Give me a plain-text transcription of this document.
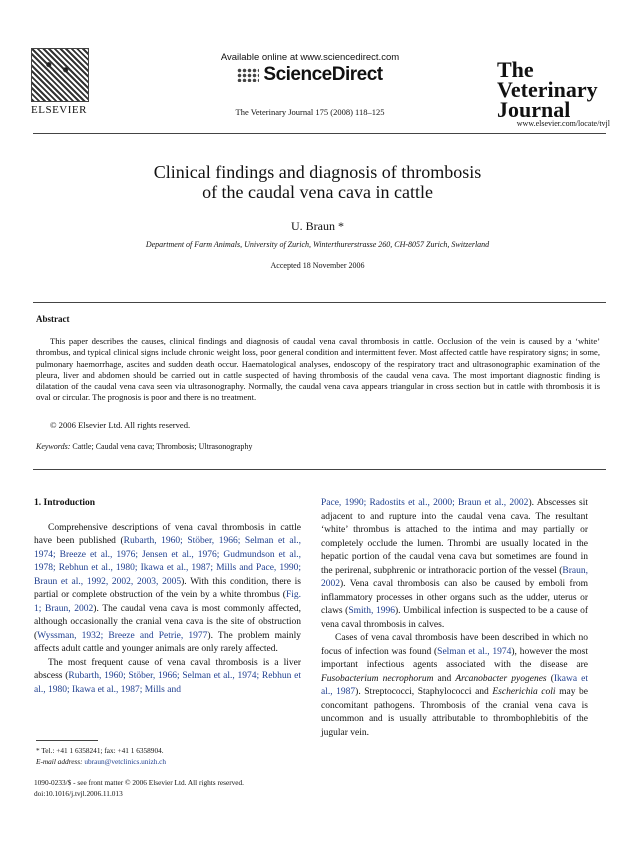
ELSEVIER
Available online at www.sciencedirect.com
ScienceDirect
The Veterinary Journal 175 (2008) 118–125
The Veterinary Journal
www.elsevier.com/locate/tvjl
Clinical findings and diagnosis of thrombosis
of the caudal vena cava in cattle
U. Braun *
Department of Farm Animals, University of Zurich, Winterthurerstrasse 260, CH-8057 Zurich, Switzerland
Accepted 18 November 2006
Abstract
This paper describes the causes, clinical findings and diagnosis of caudal vena caval thrombosis in cattle. Occlusion of the vein is caused by a ‘white’ thrombus, and typical clinical signs include chronic weight loss, poor general condition and intermittent fever. Most affected cattle have respiratory signs; in some, pulmonary haemorrhage, ascites and sudden death occur. Haematological analyses, endoscopy of the respiratory tract and ultrasonographic examination of the pleura, liver and abdomen should be carried out in cattle suspected of having thrombosis of the caudal vena cava. The most important diagnostic finding is dilatation of the caudal vena cava seen via ultrasonography. Normally, the caudal vena cava appears triangular in cross section but in cattle with thrombosis it is oval or circular. The prognosis is poor and there is no treatment.
© 2006 Elsevier Ltd. All rights reserved.
Keywords: Cattle; Caudal vena cava; Thrombosis; Ultrasonography

1. Introduction

Comprehensive descriptions of vena caval thrombosis in cattle have been published (Rubarth, 1960; Stöber, 1966; Selman et al., 1974; Breeze et al., 1976; Jensen et al., 1976; Gudmundson et al., 1978; Rebhun et al., 1980; Ikawa et al., 1987; Mills and Pace, 1990; Braun et al., 1992, 2002, 2003, 2005). With this condition, there is partial or complete obstruction of the vein by a white thrombus (Fig. 1; Braun, 2002). The caudal vena cava is most commonly affected, although occasionally the cranial vena cava is the site of obstruction (Wyssman, 1932; Breeze and Petrie, 1977). The problem mainly affects adult cattle and younger animals are only rarely affected.

The most frequent cause of vena caval thrombosis is a liver abscess (Rubarth, 1960; Stöber, 1966; Selman et al., 1974; Rebhun et al., 1980; Ikawa et al., 1987; Mills and

Pace, 1990; Radostits et al., 2000; Braun et al., 2002). Abscesses sit adjacent to and rupture into the caudal vena cava. The resultant ‘white’ thrombus is attached to the intima and may partially or completely occlude the lumen. Thrombi are usually located in the hepatic portion of the caudal vena cava but sometimes are found in the perirenal, subphrenic or intrathoracic portion of the vessel (Braun, 2002). Vena caval thrombosis can also be caused by emboli from inflammatory processes in other organs such as the udder, uterus or claws (Smith, 1996). Umbilical infection is suspected to be a cause of vena caval thrombosis in calves.

Cases of vena caval thrombosis have been described in which no focus of infection was found (Selman et al., 1974), however the most important infectious agents associated with the disease are Fusobacterium necrophorum and Arcanobacter pyogenes (Ikawa et al., 1987). Streptococci, Staphylococci and Escherichia coli may be concomitant pathogens. Thrombosis of the cranial vena cava is uncommon and is usually attributable to thrombophlebitis of the jugular vein.

* Tel.: +41 1 6358241; fax: +41 1 6358904.
E-mail address: ubraun@vetclinics.unizh.ch
1090-0233/$ - see front matter © 2006 Elsevier Ltd. All rights reserved.
doi:10.1016/j.tvjl.2006.11.013
